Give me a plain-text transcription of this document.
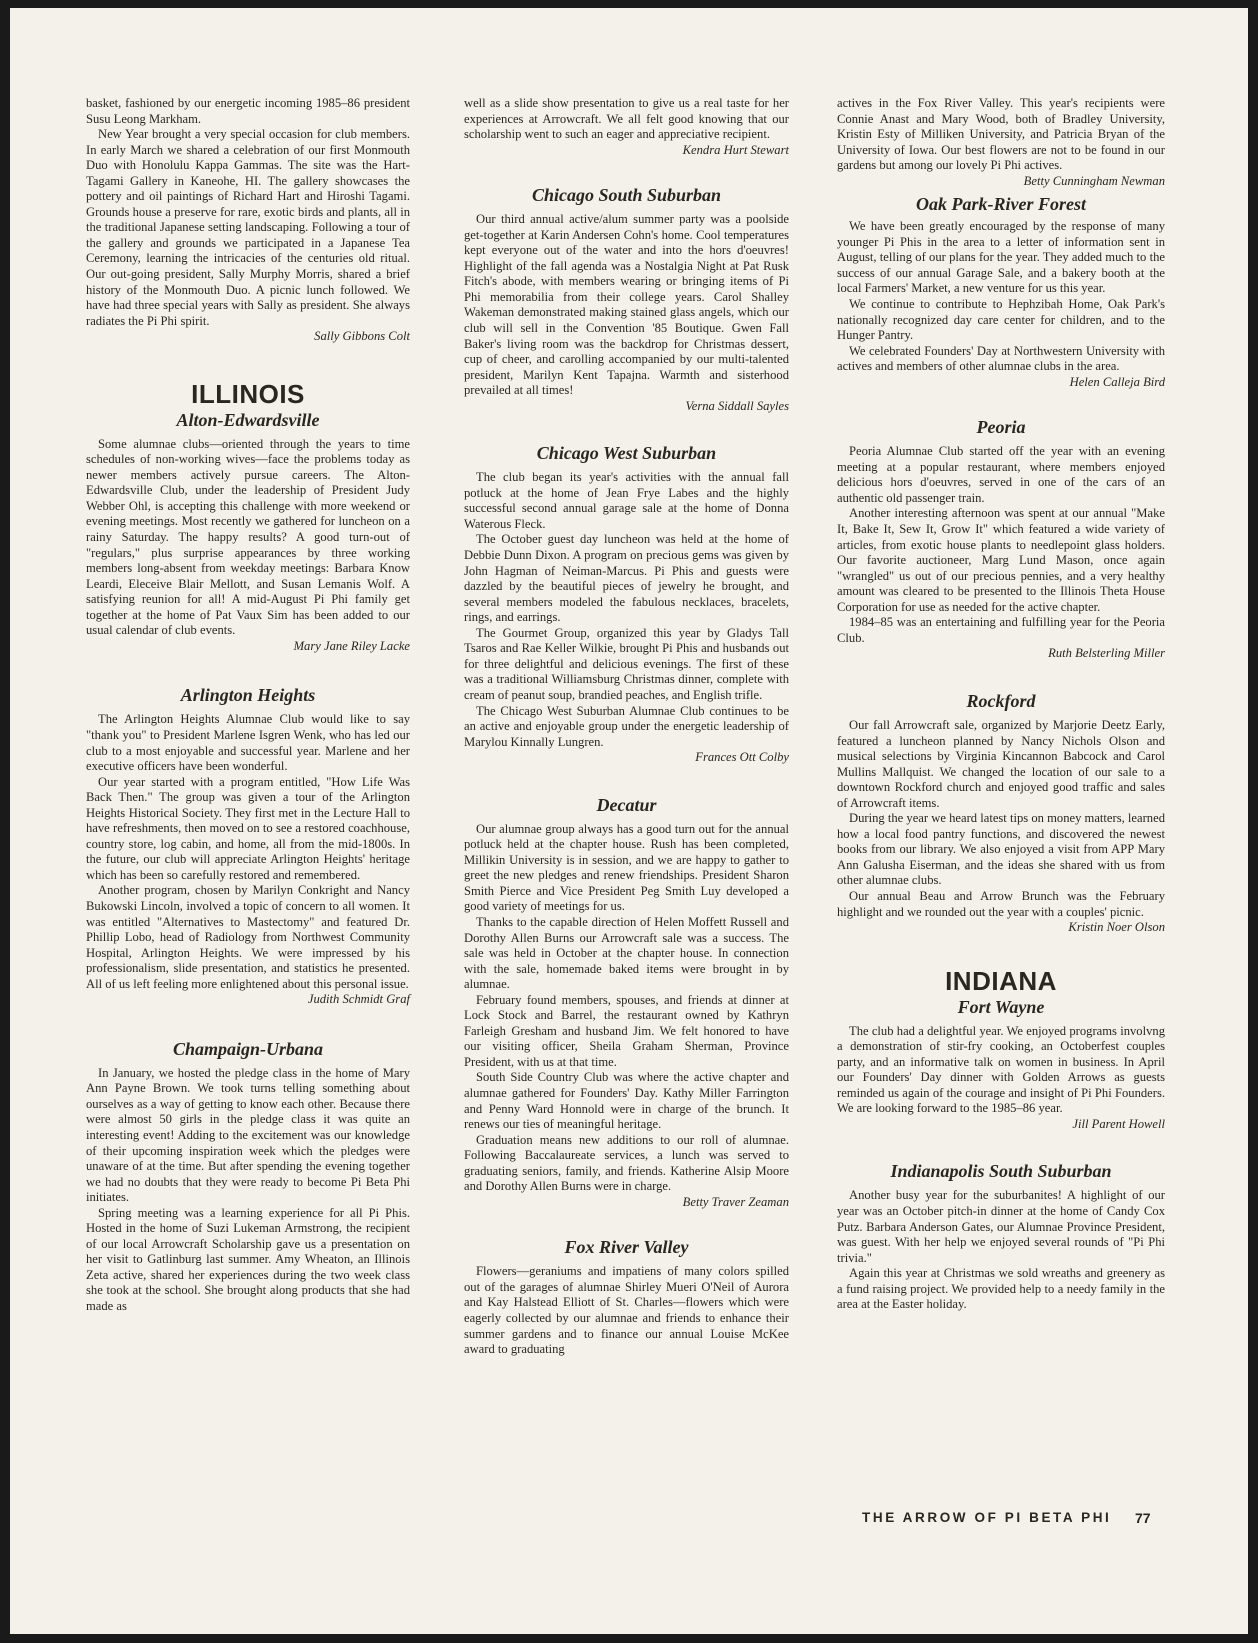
basket, fashioned by our energetic incoming 1985–86 president Susu Leong Markham.

New Year brought a very special occasion for club members. In early March we shared a celebration of our first Monmouth Duo with Honolulu Kappa Gammas. The site was the Hart-Tagami Gallery in Kaneohe, HI. The gallery showcases the pottery and oil paintings of Richard Hart and Hiroshi Tagami. Grounds house a preserve for rare, exotic birds and plants, all in the traditional Japanese setting landscaping. Following a tour of the gallery and grounds we participated in a Japanese Tea Ceremony, learning the intricacies of the centuries old ritual. Our out-going president, Sally Murphy Morris, shared a brief history of the Monmouth Duo. A picnic lunch followed. We have had three special years with Sally as president. She always radiates the Pi Phi spirit.

Sally Gibbons Colt

ILLINOIS
Alton-Edwardsville

Some alumnae clubs—oriented through the years to time schedules of non-working wives—face the problems today as newer members actively pursue careers. The Alton-Edwardsville Club, under the leadership of President Judy Webber Ohl, is accepting this challenge with more weekend or evening meetings. Most recently we gathered for luncheon on a rainy Saturday. The happy results? A good turn-out of "regulars," plus surprise appearances by three working members long-absent from weekday meetings: Barbara Know Leardi, Eleceive Blair Mellott, and Susan Lemanis Wolf. A satisfying reunion for all! A mid-August Pi Phi family get together at the home of Pat Vaux Sim has been added to our usual calendar of club events.

Mary Jane Riley Lacke

Arlington Heights

The Arlington Heights Alumnae Club would like to say "thank you" to President Marlene Isgren Wenk, who has led our club to a most enjoyable and successful year. Marlene and her executive officers have been wonderful.

Our year started with a program entitled, "How Life Was Back Then." The group was given a tour of the Arlington Heights Historical Society. They first met in the Lecture Hall to have refreshments, then moved on to see a restored coachhouse, country store, log cabin, and home, all from the mid-1800s. In the future, our club will appreciate Arlington Heights' heritage which has been so carefully restored and remembered.

Another program, chosen by Marilyn Conkright and Nancy Bukowski Lincoln, involved a topic of concern to all women. It was entitled "Alternatives to Mastectomy" and featured Dr. Phillip Lobo, head of Radiology from Northwest Community Hospital, Arlington Heights. We were impressed by his professionalism, slide presentation, and statistics he presented. All of us left feeling more enlightened about this personal issue.

Judith Schmidt Graf

Champaign-Urbana

In January, we hosted the pledge class in the home of Mary Ann Payne Brown. We took turns telling something about ourselves as a way of getting to know each other. Because there were almost 50 girls in the pledge class it was quite an interesting event! Adding to the excitement was our knowledge of their upcoming inspiration week which the pledges were unaware of at the time. But after spending the evening together we had no doubts that they were ready to become Pi Beta Phi initiates.

Spring meeting was a learning experience for all Pi Phis. Hosted in the home of Suzi Lukeman Armstrong, the recipient of our local Arrowcraft Scholarship gave us a presentation on her visit to Gatlinburg last summer. Amy Wheaton, an Illinois Zeta active, shared her experiences during the two week class she took at the school. She brought along products that she had made as

well as a slide show presentation to give us a real taste for her experiences at Arrowcraft. We all felt good knowing that our scholarship went to such an eager and appreciative recipient.

Kendra Hurt Stewart

Chicago South Suburban

Our third annual active/alum summer party was a poolside get-together at Karin Andersen Cohn's home. Cool temperatures kept everyone out of the water and into the hors d'oeuvres! Highlight of the fall agenda was a Nostalgia Night at Pat Rusk Fitch's abode, with members wearing or bringing items of Pi Phi memorabilia from their college years. Carol Shalley Wakeman demonstrated making stained glass angels, which our club will sell in the Convention '85 Boutique. Gwen Fall Baker's living room was the backdrop for Christmas dessert, cup of cheer, and carolling accompanied by our multi-talented president, Marilyn Kent Tapajna. Warmth and sisterhood prevailed at all times!

Verna Siddall Sayles

Chicago West Suburban

The club began its year's activities with the annual fall potluck at the home of Jean Frye Labes and the highly successful second annual garage sale at the home of Donna Waterous Fleck.

The October guest day luncheon was held at the home of Debbie Dunn Dixon. A program on precious gems was given by John Hagman of Neiman-Marcus. Pi Phis and guests were dazzled by the beautiful pieces of jewelry he brought, and several members modeled the fabulous necklaces, bracelets, rings, and earrings.

The Gourmet Group, organized this year by Gladys Tall Tsaros and Rae Keller Wilkie, brought Pi Phis and husbands out for three delightful and delicious evenings. The first of these was a traditional Williamsburg Christmas dinner, complete with cream of peanut soup, brandied peaches, and English trifle.

The Chicago West Suburban Alumnae Club continues to be an active and enjoyable group under the energetic leadership of Marylou Kinnally Lungren.

Frances Ott Colby

Decatur

Our alumnae group always has a good turn out for the annual potluck held at the chapter house. Rush has been completed, Millikin University is in session, and we are happy to gather to greet the new pledges and renew friendships. President Sharon Smith Pierce and Vice President Peg Smith Luy developed a good variety of meetings for us.

Thanks to the capable direction of Helen Moffett Russell and Dorothy Allen Burns our Arrowcraft sale was a success. The sale was held in October at the chapter house. In connection with the sale, homemade baked items were brought in by alumnae.

February found members, spouses, and friends at dinner at Lock Stock and Barrel, the restaurant owned by Kathryn Farleigh Gresham and husband Jim. We felt honored to have our visiting officer, Sheila Graham Sherman, Province President, with us at that time.

South Side Country Club was where the active chapter and alumnae gathered for Founders' Day. Kathy Miller Farrington and Penny Ward Honnold were in charge of the brunch. It renews our ties of meaningful heritage.

Graduation means new additions to our roll of alumnae. Following Baccalaureate services, a lunch was served to graduating seniors, family, and friends. Katherine Alsip Moore and Dorothy Allen Burns were in charge.

Betty Traver Zeaman

Fox River Valley

Flowers—geraniums and impatiens of many colors spilled out of the garages of alumnae Shirley Mueri O'Neil of Aurora and Kay Halstead Elliott of St. Charles—flowers which were eagerly collected by our alumnae and friends to enhance their summer gardens and to finance our annual Louise McKee award to graduating

actives in the Fox River Valley. This year's recipients were Connie Anast and Mary Wood, both of Bradley University, Kristin Esty of Milliken University, and Patricia Bryan of the University of Iowa. Our best flowers are not to be found in our gardens but among our lovely Pi Phi actives.

Betty Cunningham Newman

Oak Park-River Forest

We have been greatly encouraged by the response of many younger Pi Phis in the area to a letter of information sent in August, telling of our plans for the year. They added much to the success of our annual Garage Sale, and a bakery booth at the local Farmers' Market, a new venture for us this year.

We continue to contribute to Hephzibah Home, Oak Park's nationally recognized day care center for children, and to the Hunger Pantry.

We celebrated Founders' Day at Northwestern University with actives and members of other alumnae clubs in the area.

Helen Calleja Bird

Peoria

Peoria Alumnae Club started off the year with an evening meeting at a popular restaurant, where members enjoyed delicious hors d'oeuvres, served in one of the cars of an authentic old passenger train.

Another interesting afternoon was spent at our annual "Make It, Bake It, Sew It, Grow It" which featured a wide variety of articles, from exotic house plants to needlepoint glass holders. Our favorite auctioneer, Marg Lund Mason, once again "wrangled" us out of our precious pennies, and a very healthy amount was cleared to be presented to the Illinois Theta House Corporation for use as needed for the active chapter.

1984–85 was an entertaining and fulfilling year for the Peoria Club.

Ruth Belsterling Miller

Rockford

Our fall Arrowcraft sale, organized by Marjorie Deetz Early, featured a luncheon planned by Nancy Nichols Olson and musical selections by Virginia Kincannon Babcock and Carol Mullins Mallquist. We changed the location of our sale to a downtown Rockford church and enjoyed good traffic and sales of Arrowcraft items.

During the year we heard latest tips on money matters, learned how a local food pantry functions, and discovered the newest books from our library. We also enjoyed a visit from APP Mary Ann Galusha Eiserman, and the ideas she shared with us from other alumnae clubs.

Our annual Beau and Arrow Brunch was the February highlight and we rounded out the year with a couples' picnic.

Kristin Noer Olson

INDIANA
Fort Wayne

The club had a delightful year. We enjoyed programs involvng a demonstration of stir-fry cooking, an Octoberfest couples party, and an informative talk on women in business. In April our Founders' Day dinner with Golden Arrows as guests reminded us again of the courage and insight of Pi Phi Founders. We are looking forward to the 1985–86 year.

Jill Parent Howell

Indianapolis South Suburban

Another busy year for the suburbanites! A highlight of our year was an October pitch-in dinner at the home of Candy Cox Putz. Barbara Anderson Gates, our Alumnae Province President, was guest. With her help we enjoyed several rounds of "Pi Phi trivia."

Again this year at Christmas we sold wreaths and greenery as a fund raising project. We provided help to a needy family in the area at the Easter holiday.

THE ARROW OF PI BETA PHI 77
